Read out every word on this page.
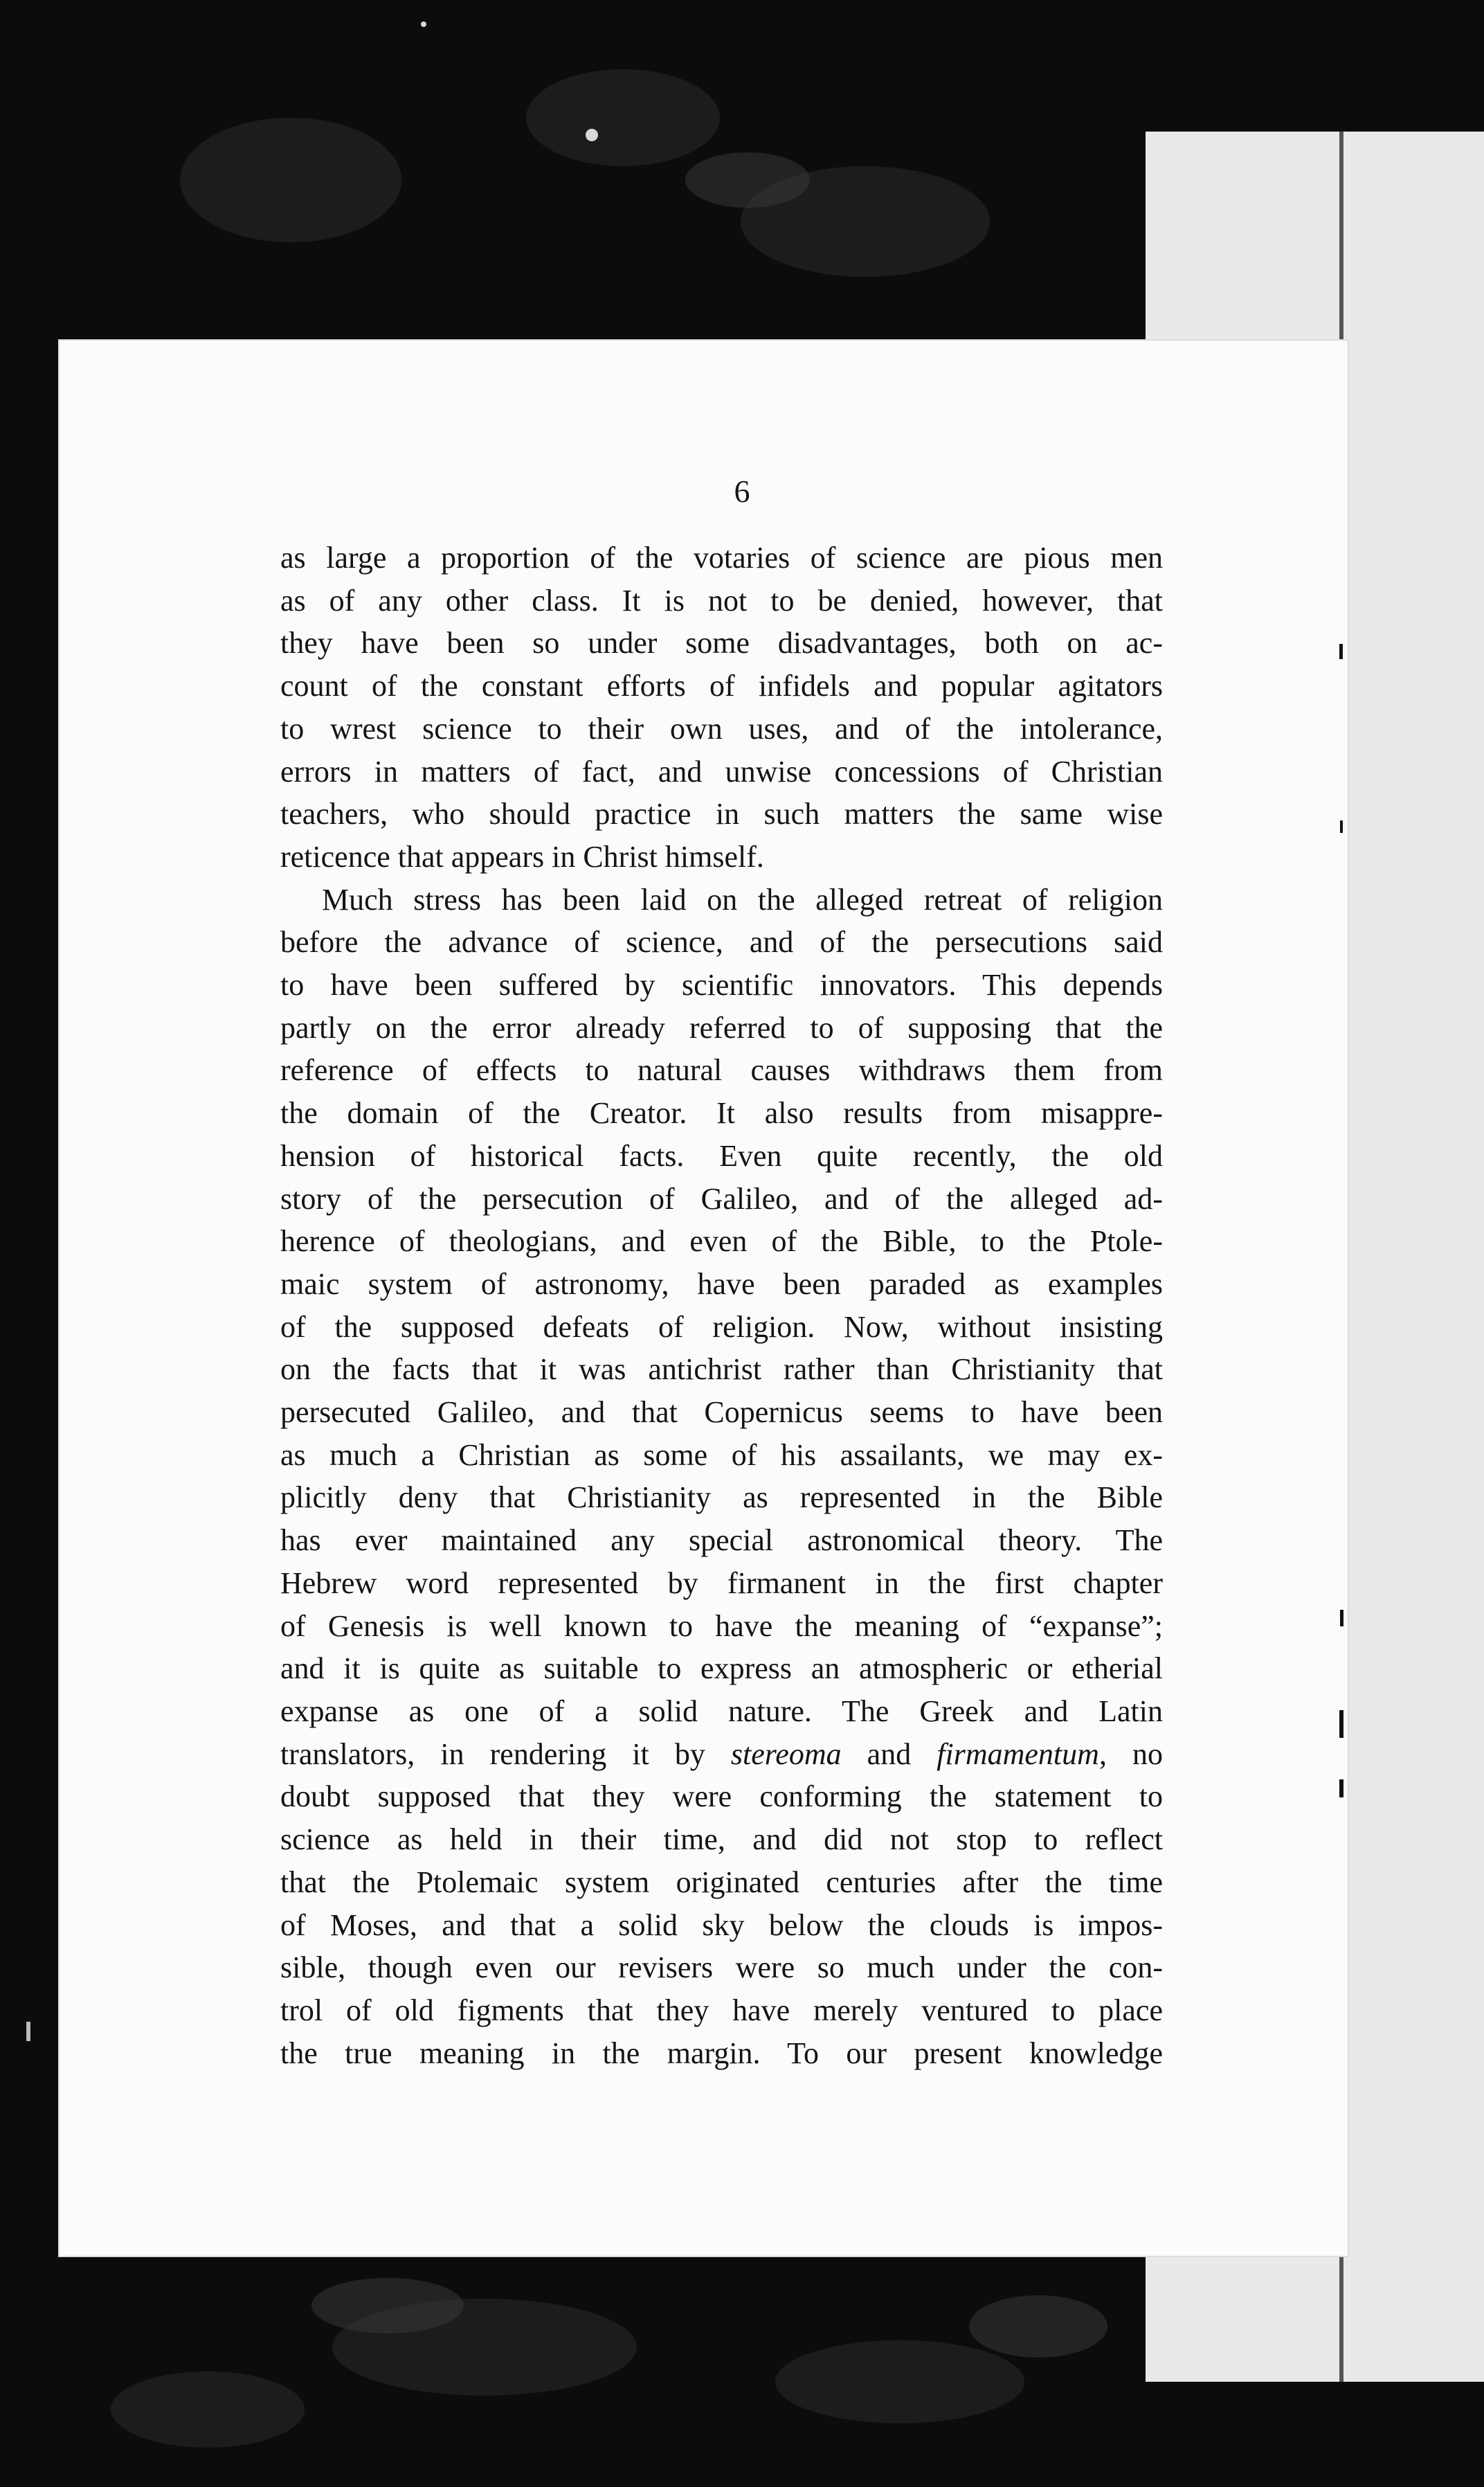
6
as large a proportion of the votaries of science are pious men
as of any other class. It is not to be denied, however, that
they have been so under some disadvantages, both on ac-
count of the constant efforts of infidels and popular agitators
to wrest science to their own uses, and of the intolerance,
errors in matters of fact, and unwise concessions of Christian
teachers, who should practice in such matters the same wise
reticence that appears in Christ himself.
Much stress has been laid on the alleged retreat of religion
before the advance of science, and of the persecutions said
to have been suffered by scientific innovators. This depends
partly on the error already referred to of supposing that the
reference of effects to natural causes withdraws them from
the domain of the Creator. It also results from misappre-
hension of historical facts. Even quite recently, the old
story of the persecution of Galileo, and of the alleged ad-
herence of theologians, and even of the Bible, to the Ptole-
maic system of astronomy, have been paraded as examples
of the supposed defeats of religion. Now, without insisting
on the facts that it was antichrist rather than Christianity that
persecuted Galileo, and that Copernicus seems to have been
as much a Christian as some of his assailants, we may ex-
plicitly deny that Christianity as represented in the Bible
has ever maintained any special astronomical theory. The
Hebrew word represented by firmanent in the first chapter
of Genesis is well known to have the meaning of “expanse”;
and it is quite as suitable to express an atmospheric or etherial
expanse as one of a solid nature. The Greek and Latin
translators, in rendering it by stereoma and firmamentum, no
doubt supposed that they were conforming the statement to
science as held in their time, and did not stop to reflect
that the Ptolemaic system originated centuries after the time
of Moses, and that a solid sky below the clouds is impos-
sible, though even our revisers were so much under the con-
trol of old figments that they have merely ventured to place
the true meaning in the margin. To our present knowledge
